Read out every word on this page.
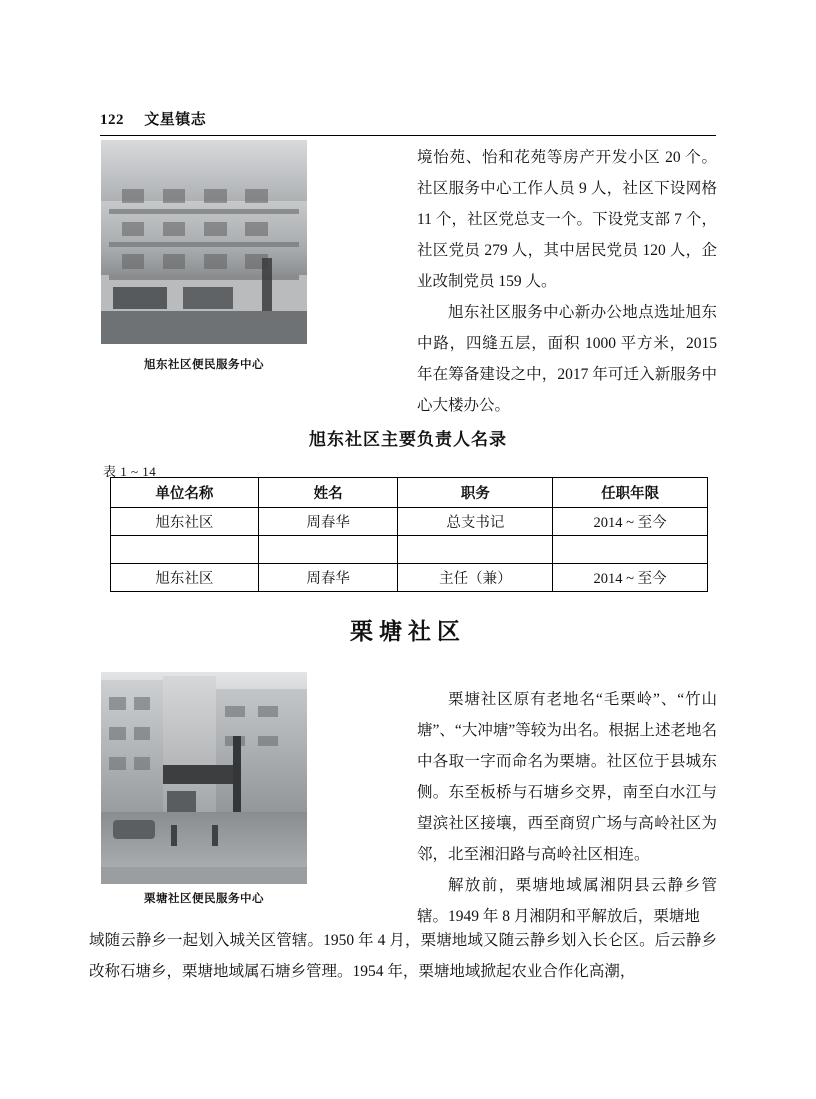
122 文星镇志
旭东社区便民服务中心

境怡苑、怡和花苑等房产开发小区 20 个。社区服务中心工作人员 9 人，社区下设网格 11 个，社区党总支一个。下设党支部 7 个，社区党员 279 人，其中居民党员 120 人，企业改制党员 159 人。

旭东社区服务中心新办公地点选址旭东中路，四缝五层，面积 1000 平方米，2015 年在筹备建设之中，2017 年可迁入新服务中心大楼办公。

旭东社区主要负责人名录
表 1 ~ 14
单位名称	姓名	职务	任职年限
旭东社区	周春华	总支书记	2014 ~ 至今

旭东社区	周春华	主任（兼）	2014 ~ 至今
栗塘社区
栗塘社区便民服务中心

栗塘社区原有老地名“毛栗岭”、“竹山塘”、“大冲塘”等较为出名。根据上述老地名中各取一字而命名为栗塘。社区位于县城东侧。东至板桥与石塘乡交界，南至白水江与望滨社区接壤，西至商贸广场与高岭社区为邻，北至湘汨路与高岭社区相连。

解放前，栗塘地域属湘阴县云静乡管辖。1949 年 8 月湘阴和平解放后，栗塘地

域随云静乡一起划入城关区管辖。1950 年 4 月，栗塘地域又随云静乡划入长仑区。后云静乡改称石塘乡，栗塘地域属石塘乡管理。1954 年，栗塘地域掀起农业合作化高潮，
